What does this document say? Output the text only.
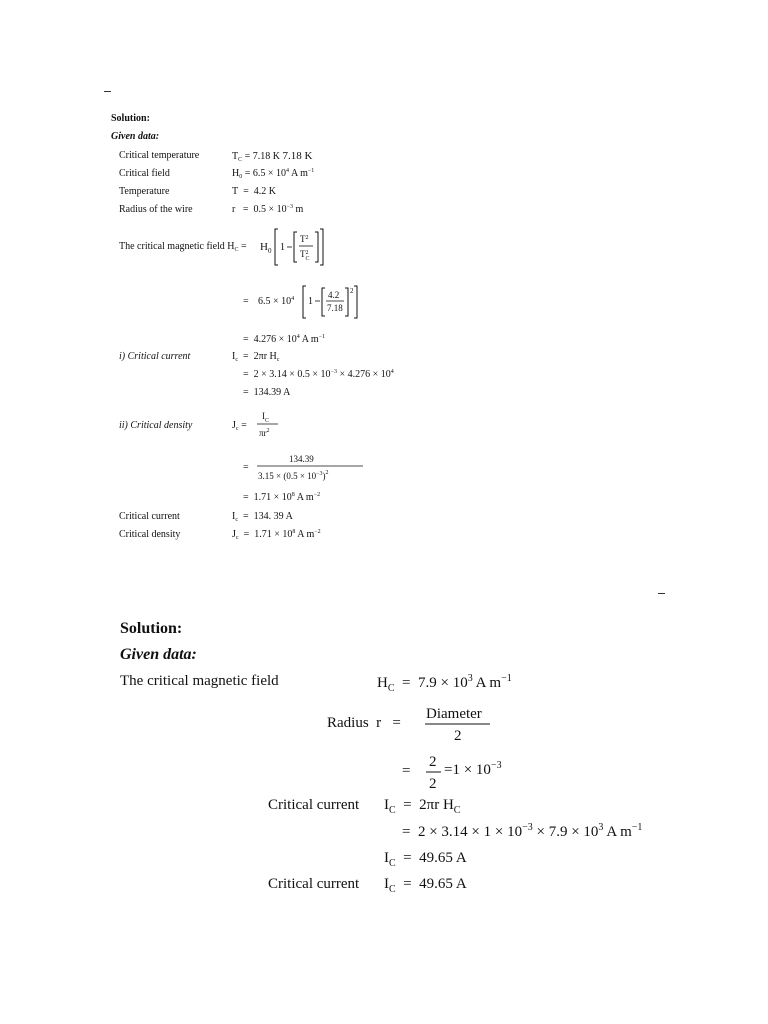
Solution:
Given data:
Critical temperature	$T_C = 7.18$ K 7.18 K
Critical field	$H_0 = 6.5 \times 10^4$ A $m^{-1}$
Temperature	T = 4.2 K
Radius of the wire	$r = 0.5 \times 10^{-3}$ m
The critical magnetic field $H_C = H_0$ 1
$T^2$
$T^2$ C
= $6.5 \times 10^4$ 1
4.2
7.18
2
= $4.276 \times 10^4$ A $m^{-1}$
i) Critical current	$I_c = 2\pi r$ $H_c$
= $2 \times 3.14 \times 0.5 \times 10^{-3} \times 4.276 \times 10^4$
= 134.39 A
ii) Critical density	$J_c$ =
$I_C$
$\pi r^2$
=
134.39
$3.15 \times (0.5 \times 10^{-3})^2$
= $1.71 \times 10^8$ A $m^{-2}$
Critical current	$I_c = 134$. 39 A
Critical density	$J_c = 1.71 \times 10^8$ A $m^{-2}$
Solution:
Given data:
The critical magnetic field	$H_C = 7.9 \times 10^3$ A $m^{-1}$
Radius r =
Diameter
2
=
2
2
$=1 \times 10^{-3}$
Critical current $I_C = 2\pi r$ $H_C$
= $2 \times 3.14 \times 1 \times 10^{-3} \times 7.9 \times 10^3$ A $m^{-1}$
$I_C = 49.65$ A
Critical current $I_C = 49.65$ A
